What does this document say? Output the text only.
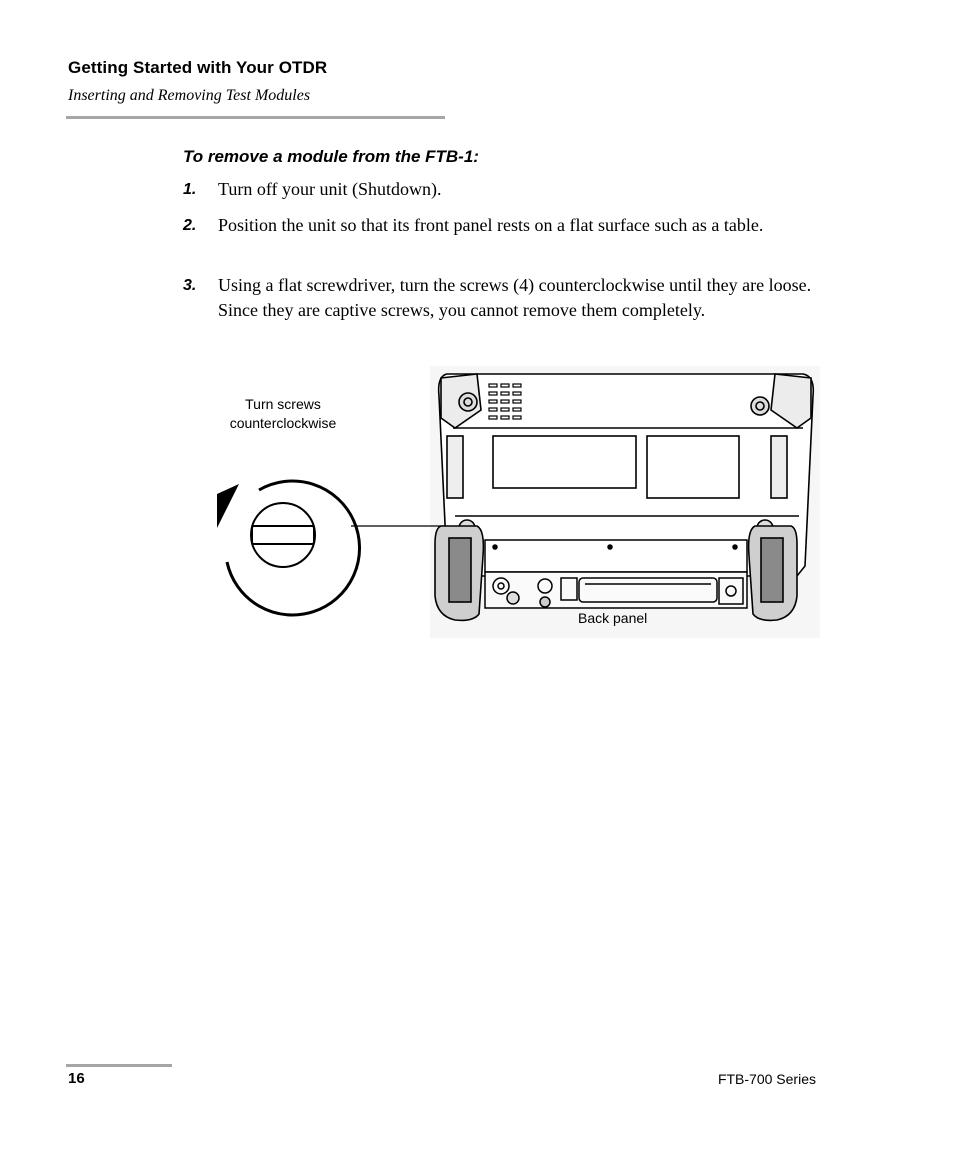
Getting Started with Your OTDR
Inserting and Removing Test Modules
To remove a module from the FTB-1:
1. Turn off your unit (Shutdown).
2. Position the unit so that its front panel rests on a flat surface such as a table.
3. Using a flat screwdriver, turn the screws (4) counterclockwise until they are loose. Since they are captive screws, you cannot remove them completely.
Turn screws counterclockwise
Back panel
16	FTB-700 Series
